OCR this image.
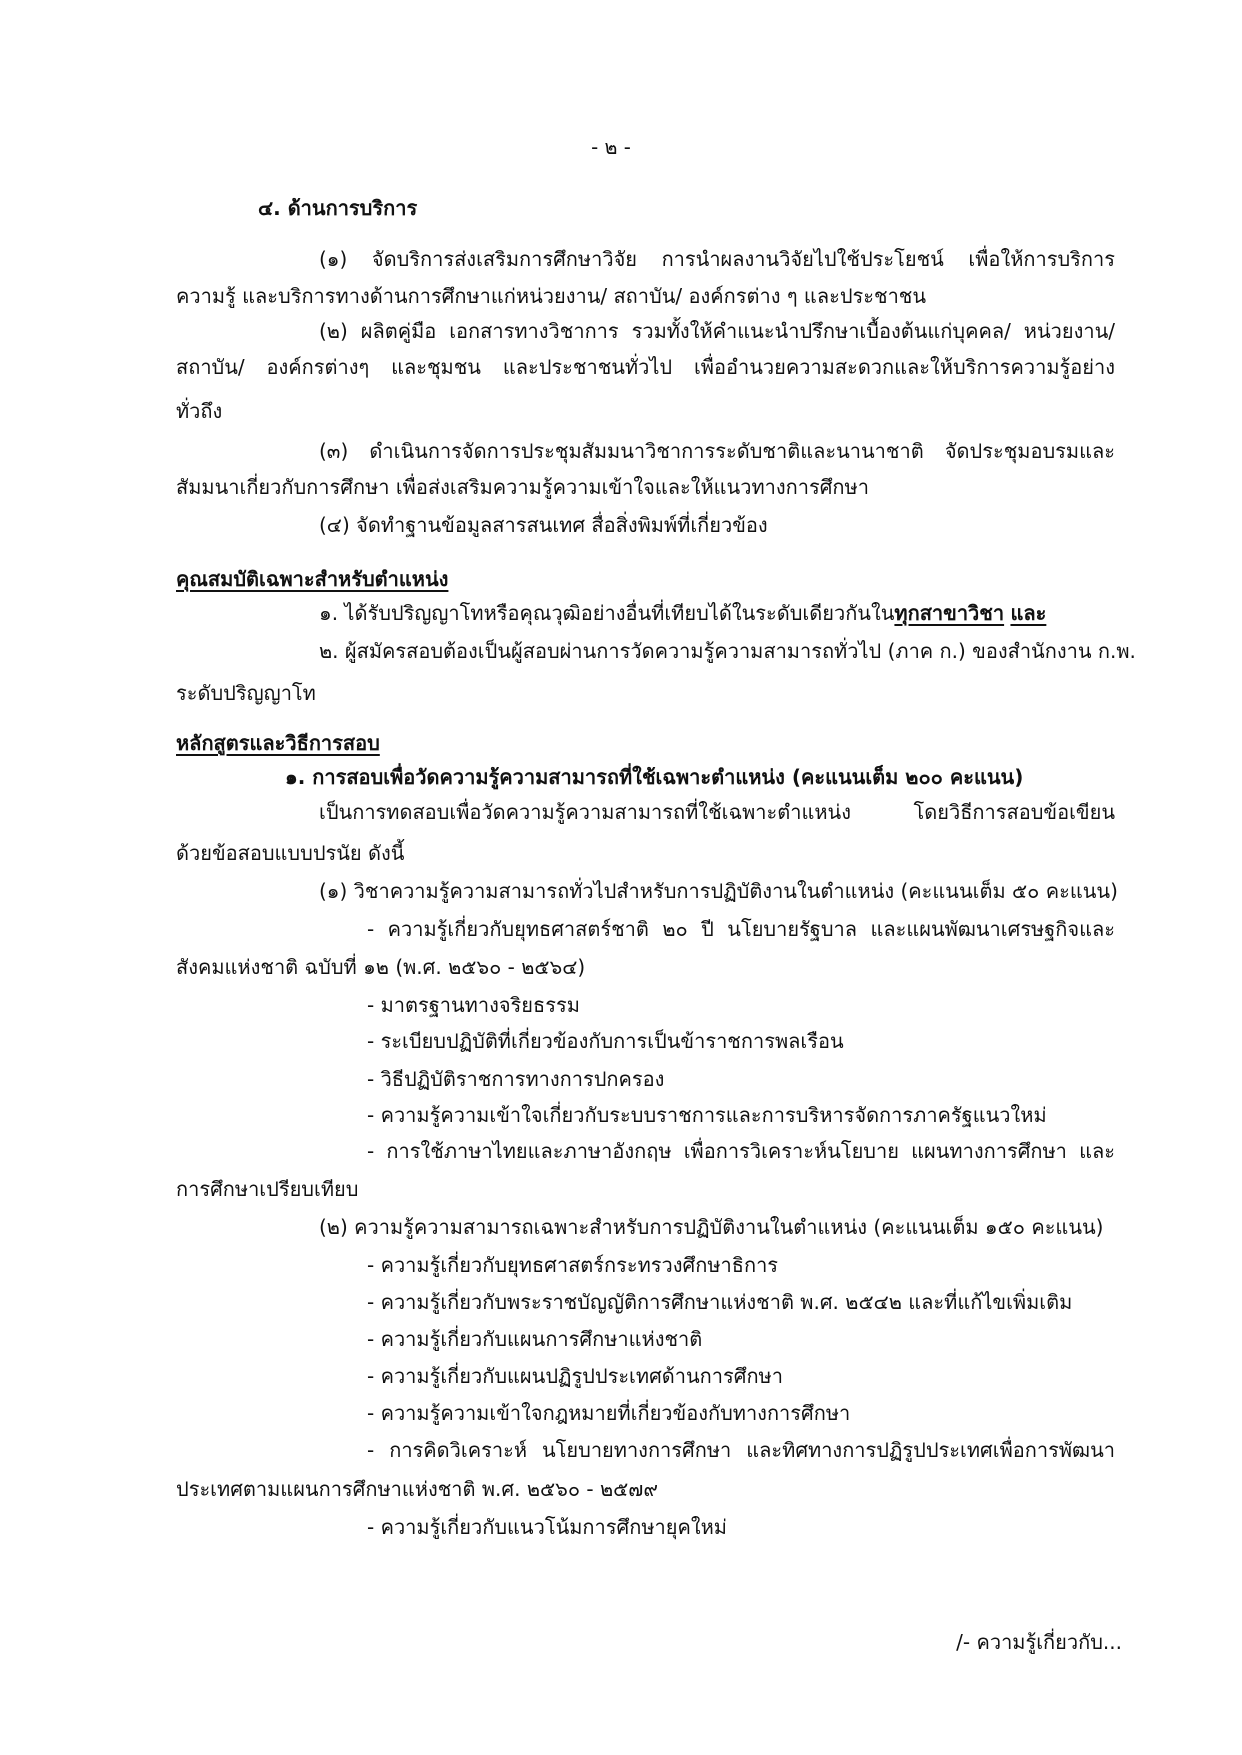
- ๒ -
๔. ด้านการบริการ
(๑) จัดบริการส่งเสริมการศึกษาวิจัย การนำผลงานวิจัยไปใช้ประโยชน์ เพื่อให้การบริการ
ความรู้ และบริการทางด้านการศึกษาแก่หน่วยงาน/ สถาบัน/ องค์กรต่าง ๆ และประชาชน
(๒) ผลิตคู่มือ เอกสารทางวิชาการ รวมทั้งให้คำแนะนำปรึกษาเบื้องต้นแก่บุคคล/ หน่วยงาน/
สถาบัน/ องค์กรต่างๆ และชุมชน และประชาชนทั่วไป เพื่ออำนวยความสะดวกและให้บริการความรู้อย่าง
ทั่วถึง
(๓) ดำเนินการจัดการประชุมสัมมนาวิชาการระดับชาติและนานาชาติ จัดประชุมอบรมและ
สัมมนาเกี่ยวกับการศึกษา เพื่อส่งเสริมความรู้ความเข้าใจและให้แนวทางการศึกษา
(๔) จัดทำฐานข้อมูลสารสนเทศ สื่อสิ่งพิมพ์ที่เกี่ยวข้อง
คุณสมบัติเฉพาะสำหรับตำแหน่ง
๑. ได้รับปริญญาโทหรือคุณวุฒิอย่างอื่นที่เทียบได้ในระดับเดียวกันในทุกสาขาวิชา และ
๒. ผู้สมัครสอบต้องเป็นผู้สอบผ่านการวัดความรู้ความสามารถทั่วไป (ภาค ก.) ของสำนักงาน ก.พ.
ระดับปริญญาโท
หลักสูตรและวิธีการสอบ
๑. การสอบเพื่อวัดความรู้ความสามารถที่ใช้เฉพาะตำแหน่ง (คะแนนเต็ม ๒๐๐ คะแนน)
เป็นการทดสอบเพื่อวัดความรู้ความสามารถที่ใช้เฉพาะตำแหน่ง โดยวิธีการสอบข้อเขียน
ด้วยข้อสอบแบบปรนัย ดังนี้
(๑) วิชาความรู้ความสามารถทั่วไปสำหรับการปฏิบัติงานในตำแหน่ง (คะแนนเต็ม ๕๐ คะแนน)
- ความรู้เกี่ยวกับยุทธศาสตร์ชาติ ๒๐ ปี นโยบายรัฐบาล และแผนพัฒนาเศรษฐกิจและ
สังคมแห่งชาติ ฉบับที่ ๑๒ (พ.ศ. ๒๕๖๐ - ๒๕๖๔)
- มาตรฐานทางจริยธรรม
- ระเบียบปฏิบัติที่เกี่ยวข้องกับการเป็นข้าราชการพลเรือน
- วิธีปฏิบัติราชการทางการปกครอง
- ความรู้ความเข้าใจเกี่ยวกับระบบราชการและการบริหารจัดการภาครัฐแนวใหม่
- การใช้ภาษาไทยและภาษาอังกฤษ เพื่อการวิเคราะห์นโยบาย แผนทางการศึกษา และ
การศึกษาเปรียบเทียบ
(๒) ความรู้ความสามารถเฉพาะสำหรับการปฏิบัติงานในตำแหน่ง (คะแนนเต็ม ๑๕๐ คะแนน)
- ความรู้เกี่ยวกับยุทธศาสตร์กระทรวงศึกษาธิการ
- ความรู้เกี่ยวกับพระราชบัญญัติการศึกษาแห่งชาติ พ.ศ. ๒๕๔๒ และที่แก้ไขเพิ่มเติม
- ความรู้เกี่ยวกับแผนการศึกษาแห่งชาติ
- ความรู้เกี่ยวกับแผนปฏิรูปประเทศด้านการศึกษา
- ความรู้ความเข้าใจกฎหมายที่เกี่ยวข้องกับทางการศึกษา
- การคิดวิเคราะห์ นโยบายทางการศึกษา และทิศทางการปฏิรูปประเทศเพื่อการพัฒนา
ประเทศตามแผนการศึกษาแห่งชาติ พ.ศ. ๒๕๖๐ - ๒๕๗๙
- ความรู้เกี่ยวกับแนวโน้มการศึกษายุคใหม่
/- ความรู้เกี่ยวกับ...
